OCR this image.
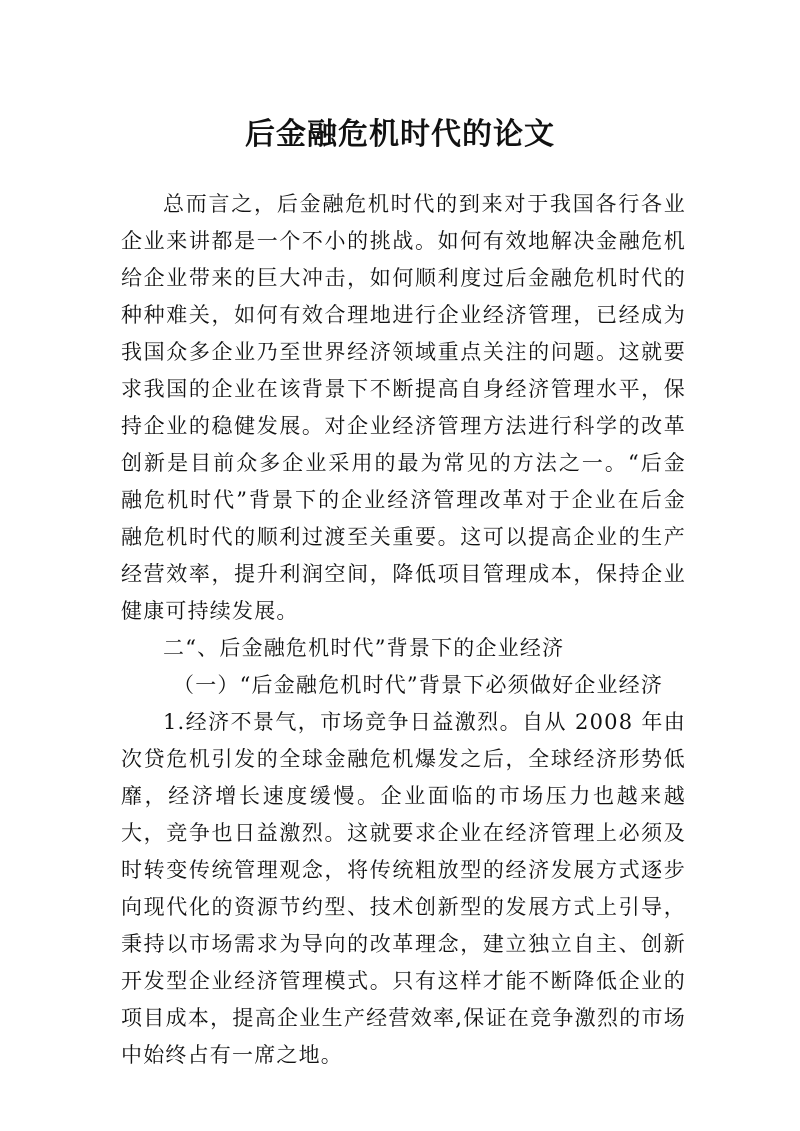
后金融危机时代的论文

总而言之，后金融危机时代的到来对于我国各行各业企业来讲都是一个不小的挑战。如何有效地解决金融危机给企业带来的巨大冲击，如何顺利度过后金融危机时代的种种难关，如何有效合理地进行企业经济管理，已经成为我国众多企业乃至世界经济领域重点关注的问题。这就要求我国的企业在该背景下不断提高自身经济管理水平，保持企业的稳健发展。对企业经济管理方法进行科学的改革创新是目前众多企业采用的最为常见的方法之一。“后金融危机时代”背景下的企业经济管理改革对于企业在后金融危机时代的顺利过渡至关重要。这可以提高企业的生产经营效率，提升利润空间，降低项目管理成本，保持企业健康可持续发展。

二“、后金融危机时代”背景下的企业经济

（一）“后金融危机时代”背景下必须做好企业经济

1.经济不景气，市场竞争日益激烈。自从 2008 年由次贷危机引发的全球金融危机爆发之后，全球经济形势低靡，经济增长速度缓慢。企业面临的市场压力也越来越大，竞争也日益激烈。这就要求企业在经济管理上必须及时转变传统管理观念，将传统粗放型的经济发展方式逐步向现代化的资源节约型、技术创新型的发展方式上引导，秉持以市场需求为导向的改革理念，建立独立自主、创新开发型企业经济管理模式。只有这样才能不断降低企业的项目成本，提高企业生产经营效率,保证在竞争激烈的市场中始终占有一席之地。
